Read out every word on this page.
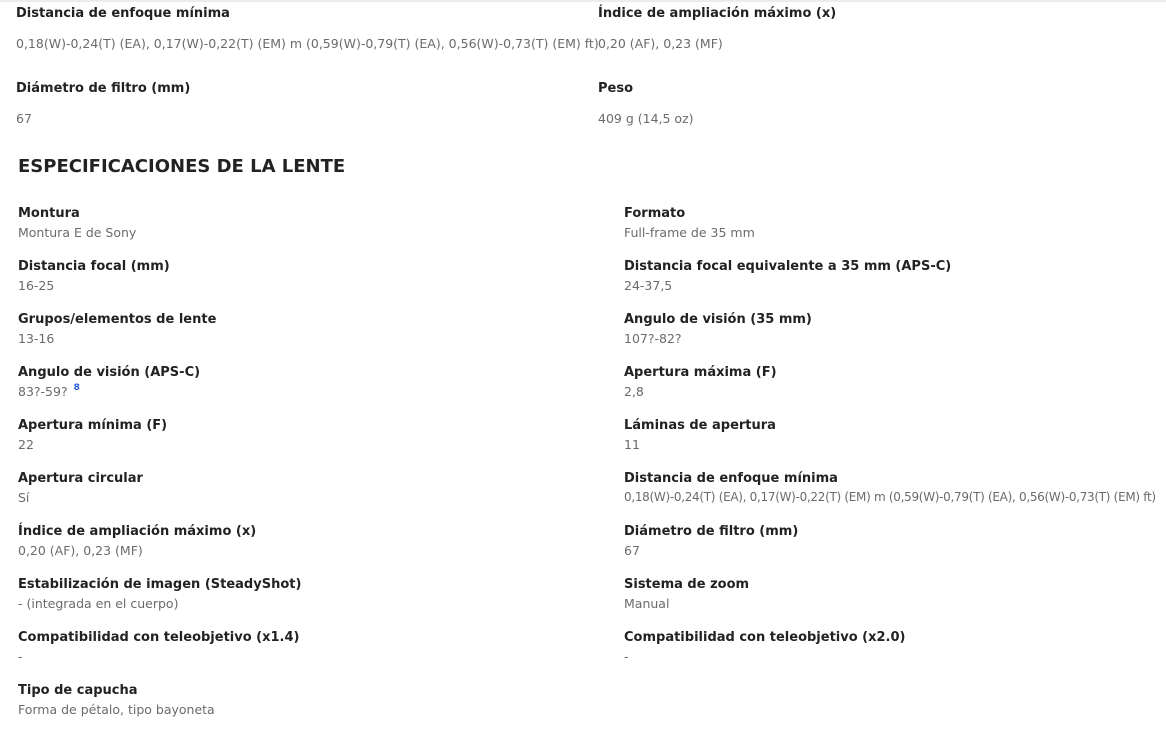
Distancia de enfoque mínima
0,18(W)-0,24(T) (EA), 0,17(W)-0,22(T) (EM) m (0,59(W)-0,79(T) (EA), 0,56(W)-0,73(T) (EM) ft)
Índice de ampliación máximo (x)
0,20 (AF), 0,23 (MF)
Diámetro de filtro (mm)
67
Peso
409 g (14,5 oz)
ESPECIFICACIONES DE LA LENTE
Montura
Montura E de Sony
Distancia focal (mm)
16-25
Grupos/elementos de lente
13-16
Angulo de visión (APS-C)
83?-59? $^8$
Apertura mínima (F)
22
Apertura circular
Sí
Índice de ampliación máximo (x)
0,20 (AF), 0,23 (MF)
Estabilización de imagen (SteadyShot)
- (integrada en el cuerpo)
Compatibilidad con teleobjetivo (x1.4)
-
Tipo de capucha
Forma de pétalo, tipo bayoneta
Formato
Full-frame de 35 mm
Distancia focal equivalente a 35 mm (APS-C)
24-37,5
Angulo de visión (35 mm)
107?-82?
Apertura máxima (F)
2,8
Láminas de apertura
11
Distancia de enfoque mínima
0,18(W)-0,24(T) (EA), 0,17(W)-0,22(T) (EM) m (0,59(W)-0,79(T) (EA), 0,56(W)-0,73(T) (EM) ft)
Diámetro de filtro (mm)
67
Sistema de zoom
Manual
Compatibilidad con teleobjetivo (x2.0)
-
